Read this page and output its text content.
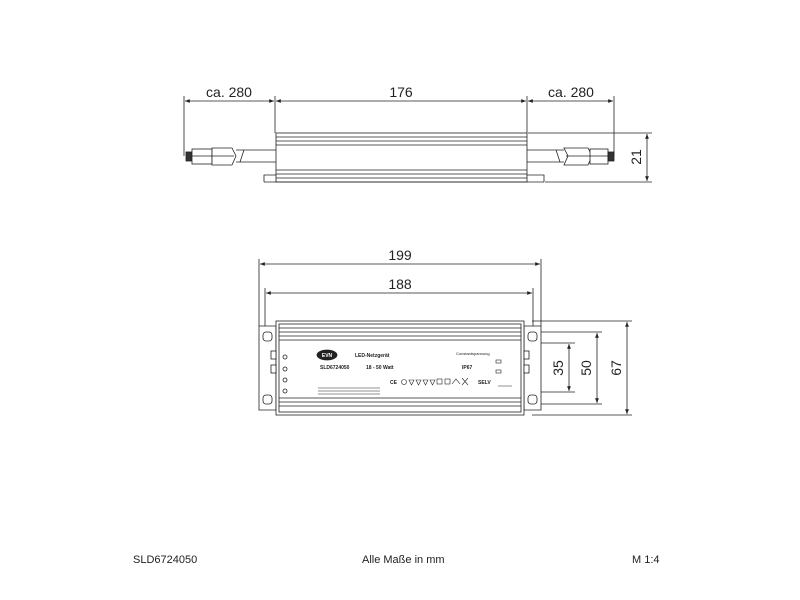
ca. 280	176	ca. 280
21
199
188
35 50 67
EVN	LED-Netzgerät	Constantspannung
SLD6724050	18 - 50 Watt	IP67
CE	SELV
SLD6724050	Alle Maße in mm	M 1:4
